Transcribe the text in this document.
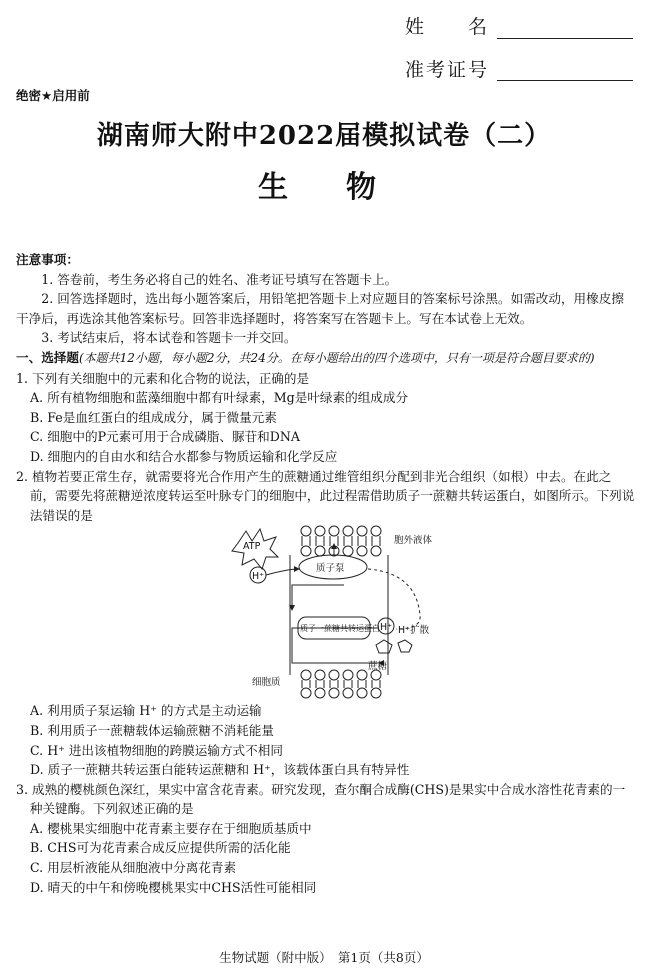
姓　　名
准考证号
绝密★启用前
湖南师大附中2022届模拟试卷（二）
生　物

注意事项：

1. 答卷前，考生务必将自己的姓名、准考证号填写在答题卡上。

2. 回答选择题时，选出每小题答案后，用铅笔把答题卡上对应题目的答案标号涂黑。如需改动，用橡皮擦干净后，再选涂其他答案标号。回答非选择题时，将答案写在答题卡上。写在本试卷上无效。

3. 考试结束后，将本试卷和答题卡一并交回。

一、选择题(本题共12小题，每小题2分，共24分。在每小题给出的四个选项中，只有一项是符合题目要求的)

1. 下列有关细胞中的元素和化合物的说法，正确的是

A. 所有植物细胞和蓝藻细胞中都有叶绿素，Mg是叶绿素的组成成分

B. Fe是血红蛋白的组成成分，属于微量元素

C. 细胞中的P元素可用于合成磷脂、脲苷和DNA

D. 细胞内的自由水和结合水都参与物质运输和化学反应

2. 植物若要正常生存，就需要将光合作用产生的蔗糖通过维管组织分配到非光合组织（如根）中去。在此之前，需要先将蔗糖逆浓度转运至叶脉专门的细胞中，此过程需借助质子一蔗糖共转运蛋白，如图所示。下列说法错误的是

ATP
H⁺
质子泵
胞外液体
质子一蔗糖共转运蛋白 H⁺ H⁺扩散
蔗糖
细胞质

A. 利用质子泵运输 H⁺ 的方式是主动运输

B. 利用质子一蔗糖载体运输蔗糖不消耗能量

C. H⁺ 进出该植物细胞的跨膜运输方式不相同

D. 质子一蔗糖共转运蛋白能转运蔗糖和 H⁺，该载体蛋白具有特异性

3. 成熟的樱桃颜色深红，果实中富含花青素。研究发现，查尔酮合成酶(CHS)是果实中合成水溶性花青素的一种关键酶。下列叙述正确的是

A. 樱桃果实细胞中花青素主要存在于细胞质基质中

B. CHS可为花青素合成反应提供所需的活化能

C. 用层析液能从细胞液中分离花青素

D. 晴天的中午和傍晚樱桃果实中CHS活性可能相同

生物试题（附中版）　第1页（共8页）
